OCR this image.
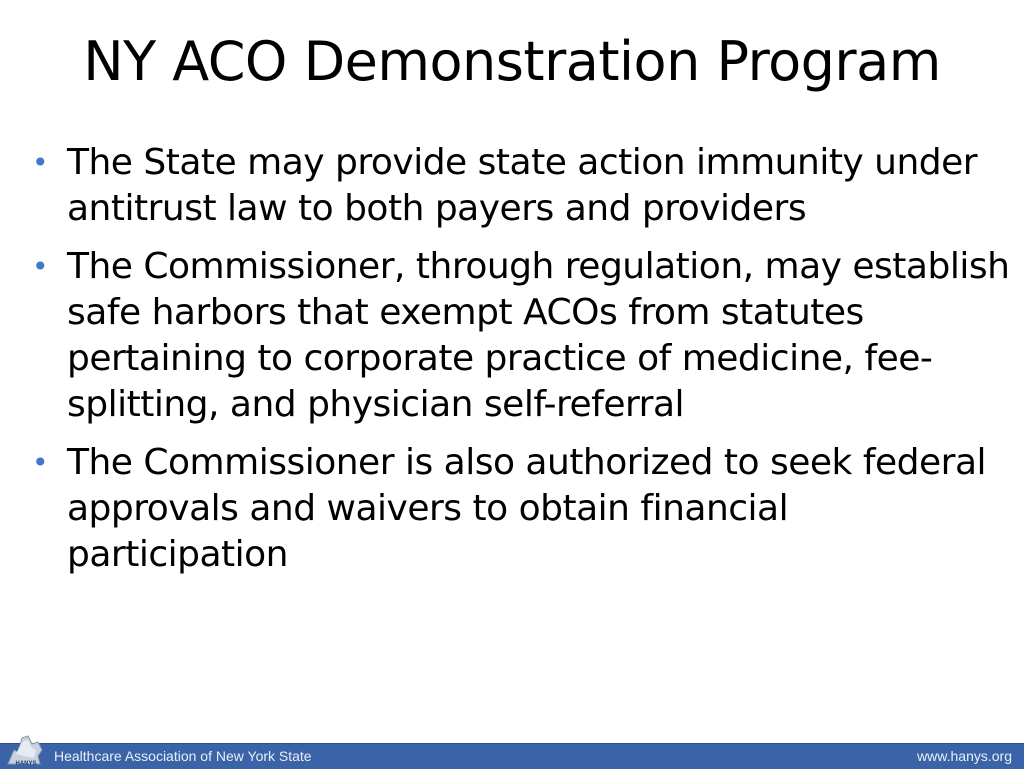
NY ACO Demonstration Program
• The State may provide state action immunity under antitrust law to both payers and providers
• The Commissioner, through regulation, may establish safe harbors that exempt ACOs from statutes pertaining to corporate practice of medicine, fee-splitting, and physician self-referral
• The Commissioner is also authorized to seek federal approvals and waivers to obtain financial participation
HANYS Healthcare Association of New York State	www.hanys.org
